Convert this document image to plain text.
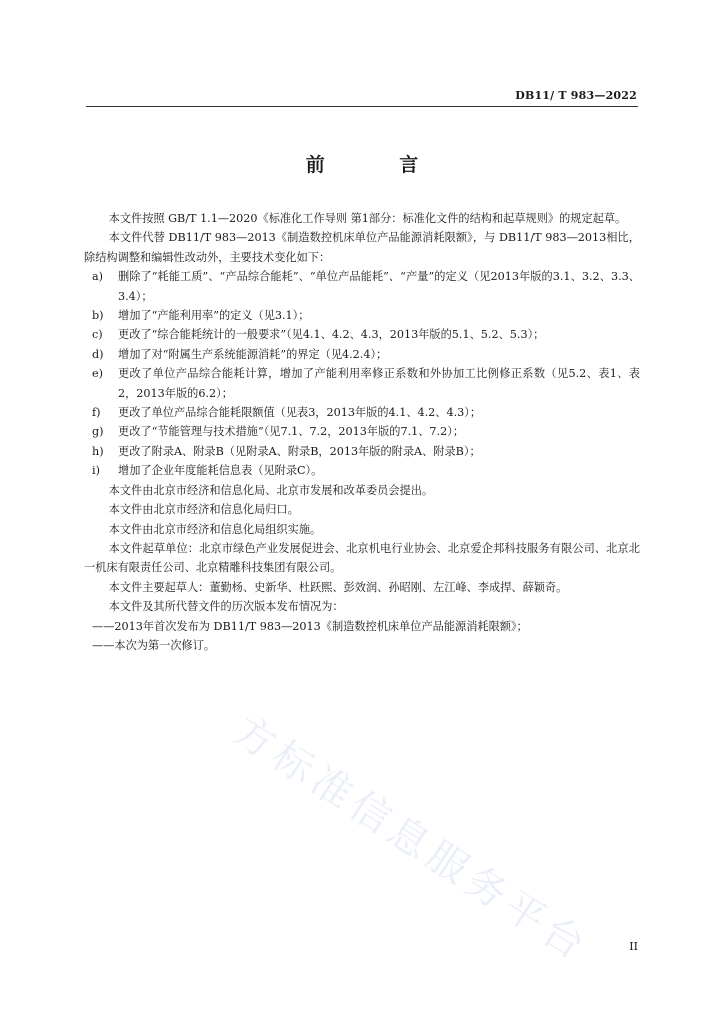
DB11/ T 983—2022
前 言

本文件按照 GB/T 1.1—2020《标准化工作导则 第1部分：标准化文件的结构和起草规则》的规定起草。

本文件代替 DB11/T 983—2013《制造数控机床单位产品能源消耗限额》，与 DB11/T 983—2013相比，除结构调整和编辑性改动外，主要技术变化如下：

a)	删除了“耗能工质”、“产品综合能耗”、“单位产品能耗”、“产量”的定义（见2013年版的3.1、3.2、3.3、3.4）；
b)	增加了“产能利用率”的定义（见3.1）；
c)	更改了“综合能耗统计的一般要求”（见4.1、4.2、4.3，2013年版的5.1、5.2、5.3）；
d)	增加了对“附属生产系统能源消耗”的界定（见4.2.4）；
e)	更改了单位产品综合能耗计算，增加了产能利用率修正系数和外协加工比例修正系数（见5.2、表1、表2，2013年版的6.2）；
f)	更改了单位产品综合能耗限额值（见表3，2013年版的4.1、4.2、4.3）；
g)	更改了“节能管理与技术措施”（见7.1、7.2，2013年版的7.1、7.2）；
h)	更改了附录A、附录B（见附录A、附录B，2013年版的附录A、附录B）；
i)	增加了企业年度能耗信息表（见附录C）。

本文件由北京市经济和信息化局、北京市发展和改革委员会提出。

本文件由北京市经济和信息化局归口。

本文件由北京市经济和信息化局组织实施。

本文件起草单位：北京市绿色产业发展促进会、北京机电行业协会、北京爱企邦科技服务有限公司、北京北一机床有限责任公司、北京精雕科技集团有限公司。

本文件主要起草人：董勤杨、史新华、杜跃熙、彭效润、孙昭刚、左江峰、李成捍、薛颖奇。

本文件及其所代替文件的历次版本发布情况为：

——2013年首次发布为 DB11/T 983—2013《制造数控机床单位产品能源消耗限额》；

——本次为第一次修订。

方标准信息服务平台	II
